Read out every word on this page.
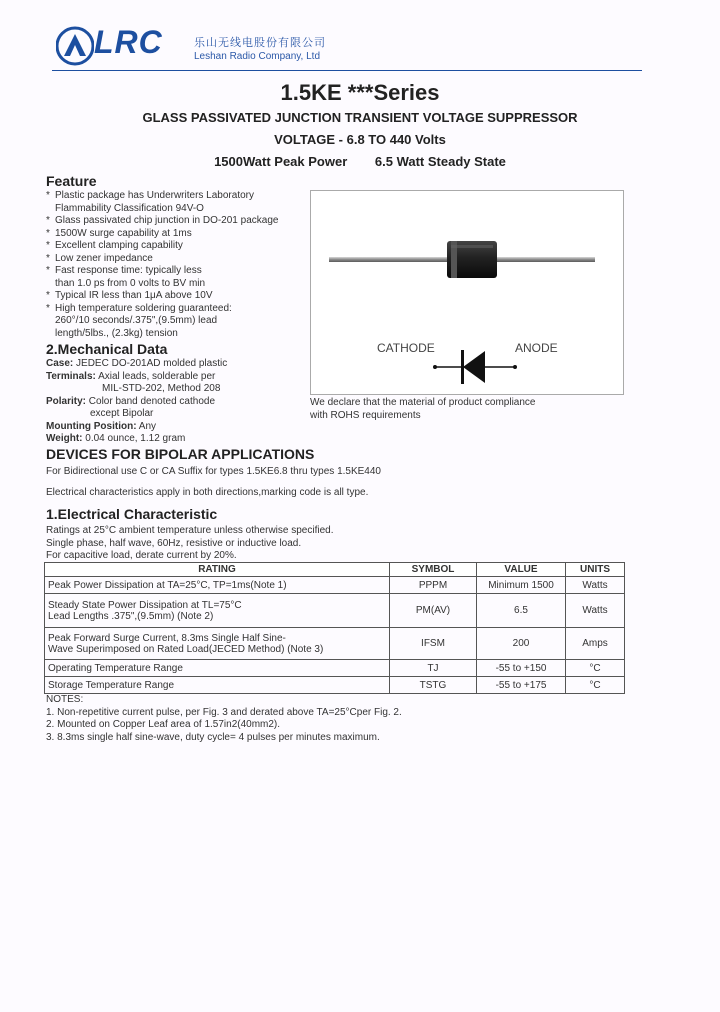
LRC	乐山无线电股份有限公司
Leshan Radio Company, Ltd
1.5KE ***Series
GLASS PASSIVATED JUNCTION TRANSIENT VOLTAGE SUPPRESSOR
VOLTAGE - 6.8 TO 440 Volts
1500Watt Peak Power 6.5 Watt Steady State
Feature
* Plastic package has Underwriters Laboratory
Flammability Classification 94V-O
* Glass passivated chip junction in DO-201 package
* 1500W surge capability at 1ms
* Excellent clamping capability
* Low zener impedance
* Fast response time: typically less
than 1.0 ps from 0 volts to BV min
* Typical IR less than 1μA above 10V
* High temperature soldering guaranteed:
260°/10 seconds/.375",(9.5mm) lead
length/5lbs., (2.3kg) tension
CATHODE	ANODE
2.Mechanical Data
Case: JEDEC DO-201AD molded plastic
Terminals: Axial leads, solderable per
MIL-STD-202, Method 208
Polarity: Color band denoted cathode
except Bipolar
Mounting Position: Any
Weight: 0.04 ounce, 1.12 gram
We declare that the material of product compliance
with ROHS requirements
DEVICES FOR BIPOLAR APPLICATIONS
For Bidirectional use C or CA Suffix for types 1.5KE6.8 thru types 1.5KE440
Electrical characteristics apply in both directions,marking code is all type.
1.Electrical Characteristic
Ratings at 25°C ambient temperature unless otherwise specified.
Single phase, half wave, 60Hz, resistive or inductive load.
For capacitive load, derate current by 20%.
RATING	SYMBOL	VALUE	UNITS
Peak Power Dissipation at TA=25°C, TP=1ms(Note 1)	PPPM	Minimum 1500	Watts

Steady State Power Dissipation at TL=75°C
Lead Lengths .375",(9.5mm) (Note 2)	PM(AV)	6.5	Watts

Peak Forward Surge Current, 8.3ms Single Half Sine-
Wave Superimposed on Rated Load(JECED Method) (Note 3)	IFSM	200	Amps
Operating Temperature Range	TJ	-55 to +150	°C
Storage Temperature Range	TSTG	-55 to +175	°C
NOTES:
1. Non-repetitive current pulse, per Fig. 3 and derated above TA=25°Cper Fig. 2.
2. Mounted on Copper Leaf area of 1.57in2(40mm2).
3. 8.3ms single half sine-wave, duty cycle= 4 pulses per minutes maximum.
